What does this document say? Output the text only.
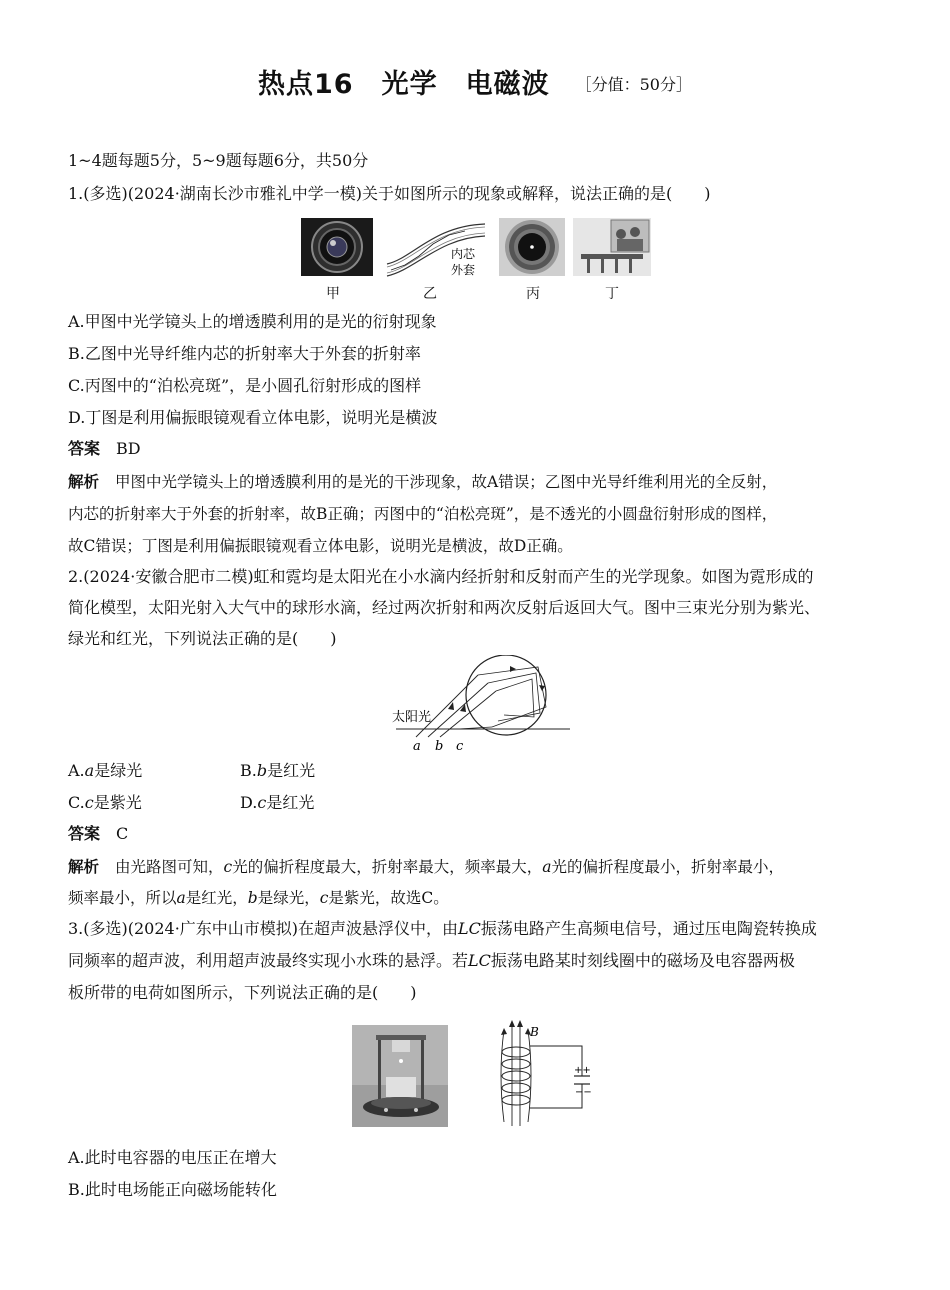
热点16　光学　电磁波 ［分值：50分］
1~4题每题5分，5~9题每题6分，共50分
1.(多选)(2024·湖南长沙市雅礼中学一模)关于如图所示的现象或解释，说法正确的是(　　)
内芯
外套
甲	乙	丙	丁
A.甲图中光学镜头上的增透膜利用的是光的衍射现象
B.乙图中光导纤维内芯的折射率大于外套的折射率
C.丙图中的“泊松亮斑”，是小圆孔衍射形成的图样
D.丁图是利用偏振眼镜观看立体电影，说明光是横波
答案 BD
解析 甲图中光学镜头上的增透膜利用的是光的干涉现象，故A错误；乙图中光导纤维利用光的全反射，
内芯的折射率大于外套的折射率，故B正确；丙图中的“泊松亮斑”，是不透光的小圆盘衍射形成的图样，
故C错误；丁图是利用偏振眼镜观看立体电影，说明光是横波，故D正确。
2.(2024·安徽合肥市二模)虹和霓均是太阳光在小水滴内经折射和反射而产生的光学现象。如图为霓形成的
简化模型，太阳光射入大气中的球形水滴，经过两次折射和两次反射后返回大气。图中三束光分别为紫光、
绿光和红光，下列说法正确的是(　　)
太阳光
a b c
A.a是绿光	B.b是红光
C.c是紫光	D.c是红光
答案 C
解析 由光路图可知，c光的偏折程度最大，折射率最大，频率最大，a光的偏折程度最小，折射率最小，
频率最小，所以a是红光，b是绿光，c是紫光，故选C。
3.(多选)(2024·广东中山市模拟)在超声波悬浮仪中，由LC振荡电路产生高频电信号，通过压电陶瓷转换成
同频率的超声波，利用超声波最终实现小水珠的悬浮。若LC振荡电路某时刻线圈中的磁场及电容器两极
板所带的电荷如图所示，下列说法正确的是(　　)
B
++
−−
A.此时电容器的电压正在增大
B.此时电场能正向磁场能转化
